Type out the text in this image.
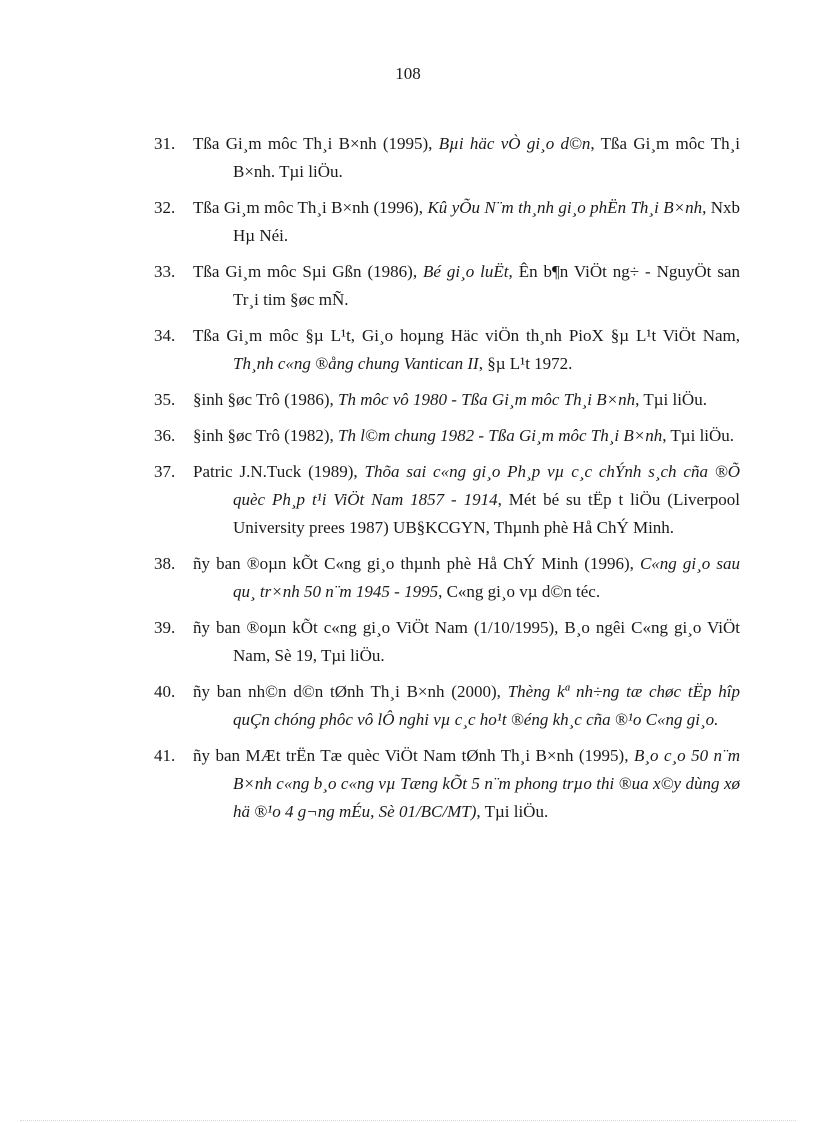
108
31. Tßa Gi¸m môc Th¸i B×nh (1995), Bµi häc vÒ gi¸o d©n, Tßa Gi¸m môc Th¸i B×nh. Tµi liÖu.
32. Tßa Gi¸m môc Th¸i B×nh (1996), Kû yÕu N¨m th¸nh gi¸o phËn Th¸i B×nh, Nxb Hµ Néi.
33. Tßa Gi¸m môc Sµi Gßn (1986), Bé gi¸o luËt, Ên b¶n ViÖt ng÷ - NguyÖt san Tr¸i tim §øc mÑ.
34. Tßa Gi¸m môc §µ L¹t, Gi¸o hoµng Häc viÖn th¸nh PioX §µ L¹t ViÖt Nam, Th¸nh c«ng ®ång chung Vantican II, §µ L¹t 1972.
35. §inh §øc Trô (1986), Th môc vô 1980 - Tßa Gi¸m môc Th¸i B×nh, Tµi liÖu.
36. §inh §øc Trô (1982), Th l©m chung 1982 - Tßa Gi¸m môc Th¸i B×nh, Tµi liÖu.
37. Patric J.N.Tuck (1989), Thõa sai c«ng gi¸o Ph¸p vµ c¸c chÝnh s¸ch cña ®Õ quèc Ph¸p t¹i ViÖt Nam 1857 - 1914, Mét bé su tËp t liÖu (Liverpool University prees 1987) UB§KCGYN, Thµnh phè Hå ChÝ Minh.
38. ñy ban ®oµn kÕt C«ng gi¸o thµnh phè Hå ChÝ Minh (1996), C«ng gi¸o sau qu¸ tr×nh 50 n¨m 1945 - 1995, C«ng gi¸o vµ d©n téc.
39. ñy ban ®oµn kÕt c«ng gi¸o ViÖt Nam (1/10/1995), B¸o ngêi C«ng gi¸o ViÖt Nam, Sè 19, Tµi liÖu.
40. ñy ban nh©n d©n tØnh Th¸i B×nh (2000), Thèng kª nh÷ng tæ chøc tËp hîp quÇn chóng phôc vô lÔ nghi vµ c¸c ho¹t ®éng kh¸c cña ®¹o C«ng gi¸o.
41. ñy ban MÆt trËn Tæ quèc ViÖt Nam tØnh Th¸i B×nh (1995), B¸o c¸o 50 n¨m B×nh c«ng b¸o c«ng vµ Tæng kÕt 5 n¨m phong trµo thi ®ua x©y dùng xø hä ®¹o 4 g¬ng mÉu, Sè 01/BC/MT), Tµi liÖu.
